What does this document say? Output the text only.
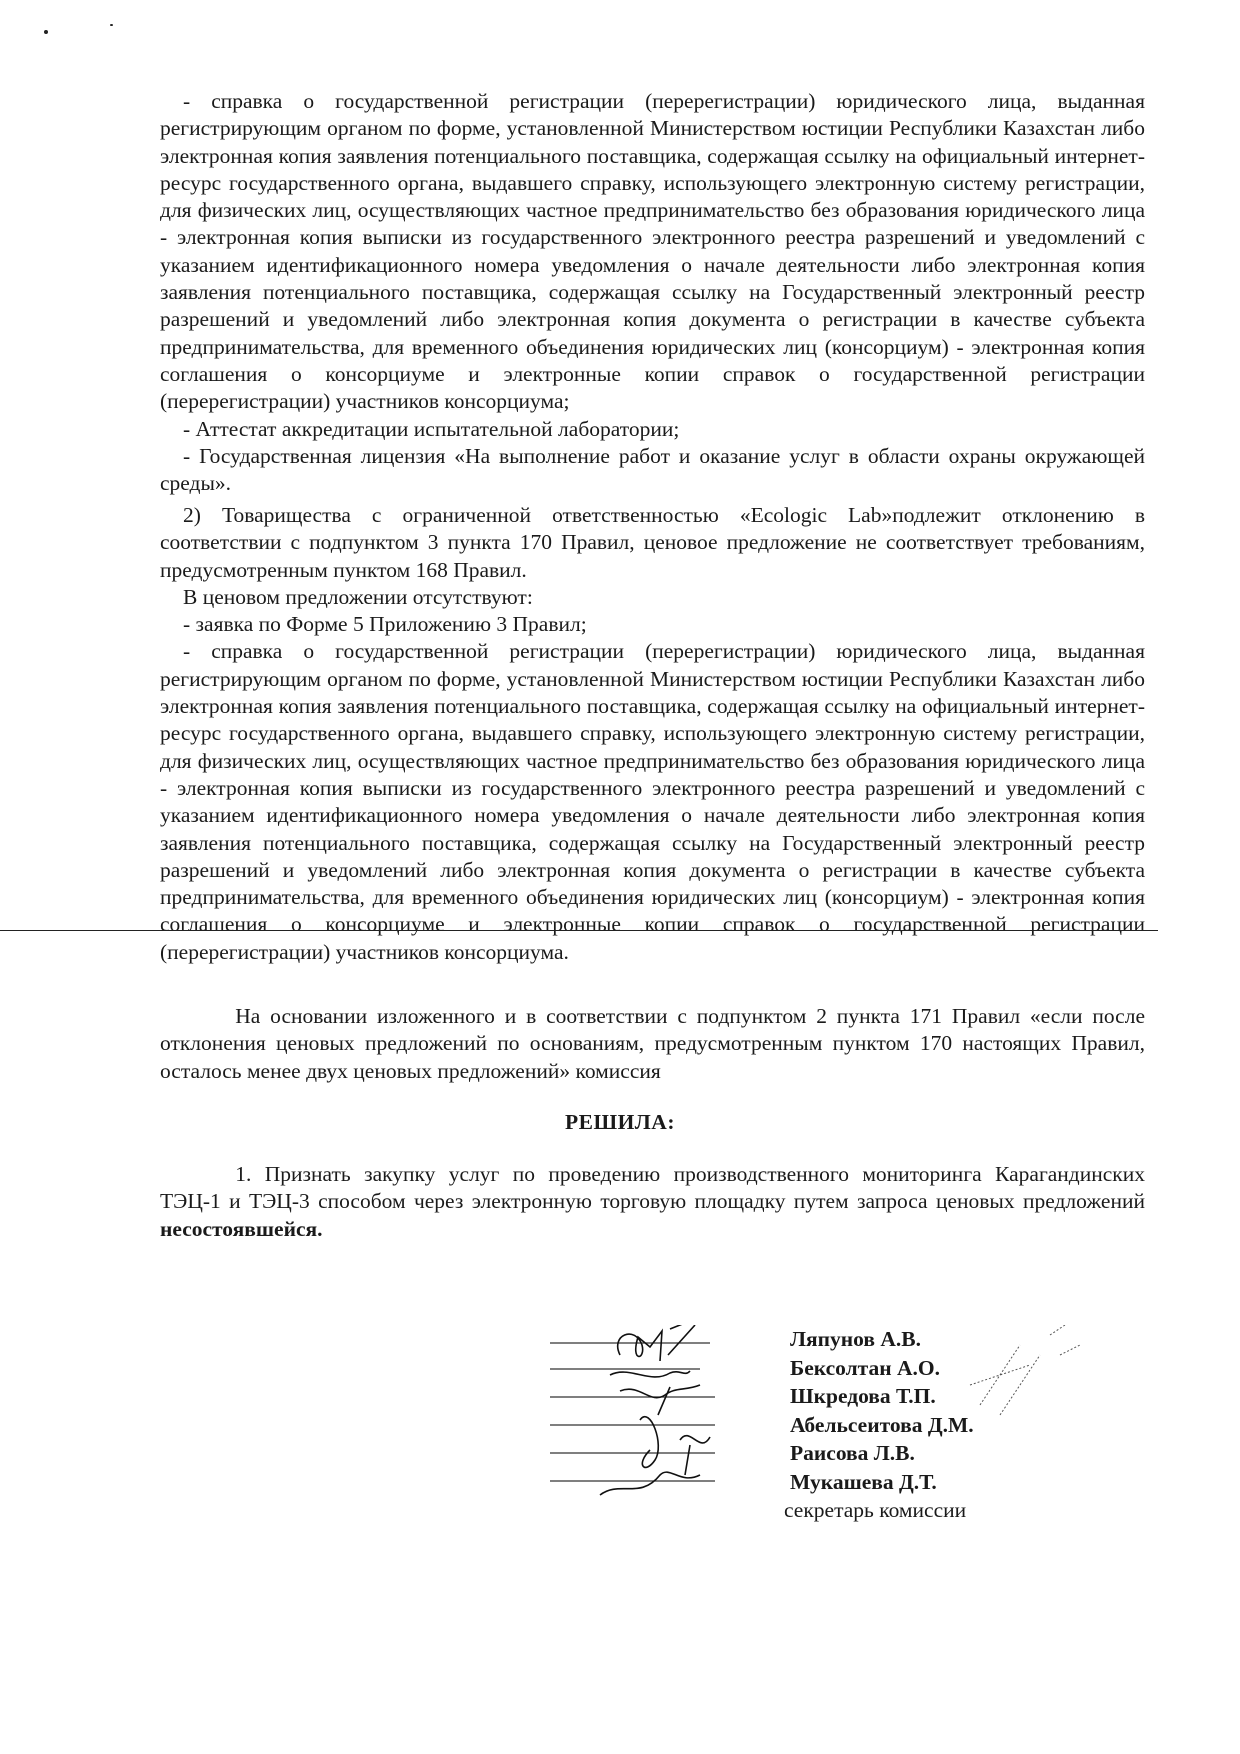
- справка о государственной регистрации (перерегистрации) юридического лица, выданная регистрирующим органом по форме, установленной Министерством юстиции Республики Казахстан либо электронная копия заявления потенциального поставщика, содержащая ссылку на официальный интернет-ресурс государственного органа, выдавшего справку, использующего электронную систему регистрации, для физических лиц, осуществляющих частное предпринимательство без образования юридического лица - электронная копия выписки из государственного электронного реестра разрешений и уведомлений с указанием идентификационного номера уведомления о начале деятельности либо электронная копия заявления потенциального поставщика, содержащая ссылку на Государственный электронный реестр разрешений и уведомлений либо электронная копия документа о регистрации в качестве субъекта предпринимательства, для временного объединения юридических лиц (консорциум) - электронная копия соглашения о консорциуме и электронные копии справок о государственной регистрации (перерегистрации) участников консорциума;

- Аттестат аккредитации испытательной лаборатории;

- Государственная лицензия «На выполнение работ и оказание услуг в области охраны окружающей среды».

2) Товарищества с ограниченной ответственностью «Ecologic Lab»подлежит отклонению в соответствии с подпунктом 3 пункта 170 Правил, ценовое предложение не соответствует требованиям, предусмотренным пунктом 168 Правил.

В ценовом предложении отсутствуют:

- заявка по Форме 5 Приложению 3 Правил;

- справка о государственной регистрации (перерегистрации) юридического лица, выданная регистрирующим органом по форме, установленной Министерством юстиции Республики Казахстан либо электронная копия заявления потенциального поставщика, содержащая ссылку на официальный интернет-ресурс государственного органа, выдавшего справку, использующего электронную систему регистрации, для физических лиц, осуществляющих частное предпринимательство без образования юридического лица - электронная копия выписки из государственного электронного реестра разрешений и уведомлений с указанием идентификационного номера уведомления о начале деятельности либо электронная копия заявления потенциального поставщика, содержащая ссылку на Государственный электронный реестр разрешений и уведомлений либо электронная копия документа о регистрации в качестве субъекта предпринимательства, для временного объединения юридических лиц (консорциум) - электронная копия соглашения о консорциуме и электронные копии справок о государственной регистрации (перерегистрации) участников консорциума.

На основании изложенного и в соответствии с подпунктом 2 пункта 171 Правил «если после отклонения ценовых предложений по основаниям, предусмотренным пунктом 170 настоящих Правил, осталось менее двух ценовых предложений» комиссия

РЕШИЛА:

1. Признать закупку услуг по проведению производственного мониторинга Карагандинских ТЭЦ-1 и ТЭЦ-3 способом через электронную торговую площадку путем запроса ценовых предложений несостоявшейся.

Ляпунов А.В.
Бексолтан А.О.
Шкредова Т.П.
Абельсеитова Д.М.
Раисова Л.В.
Мукашева Д.Т.
секретарь комиссии
